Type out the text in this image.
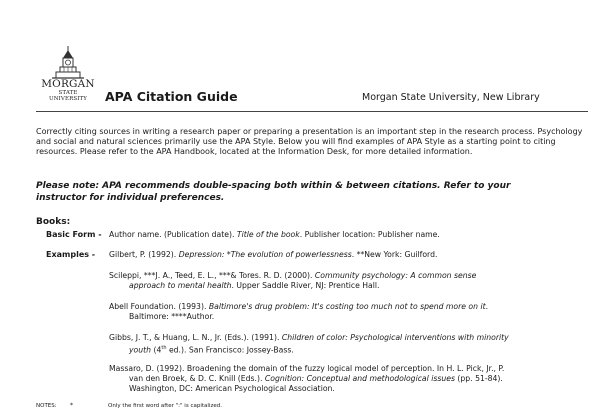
MORGAN
STATE UNIVERSITY	APA Citation Guide	Morgan State University, New Library
Correctly citing sources in writing a research paper or preparing a presentation is an important step in the research process. Psychology and social and natural sciences primarily use the APA Style. Below you will find examples of APA Style as a starting point to citing resources. Please refer to the APA Handbook, located at the Information Desk, for more detailed information.
Please note: APA recommends double-spacing both within & between citations. Refer to your
instructor for individual preferences.
Books:
Basic Form - Author name. (Publication date). Title of the book. Publisher location: Publisher name.
Examples - Gilbert, P. (1992). Depression: *The evolution of powerlessness. **New York: Guilford.
Scileppi, ***J. A., Teed, E. L., ***& Tores. R. D. (2000). Community psychology: A common sense
approach to mental health. Upper Saddle River, NJ: Prentice Hall.
Abell Foundation. (1993). Baltimore's drug problem: It's costing too much not to spend more on it.
Baltimore: ****Author.
Gibbs, J. T., & Huang, L. N., Jr. (Eds.). (1991). Children of color: Psychological interventions with minority
youth (4th ed.). San Francisco: Jossey-Bass.
Massaro, D. (1992). Broadening the domain of the fuzzy logical model of perception. In H. L. Pick, Jr., P.
van den Broek, & D. C. Knill (Eds.). Cognition: Conceptual and methodological issues (pp. 51-84).
Washington, DC: American Psychological Association.
NOTES: *	Only the first word after ":" is capitalized.
